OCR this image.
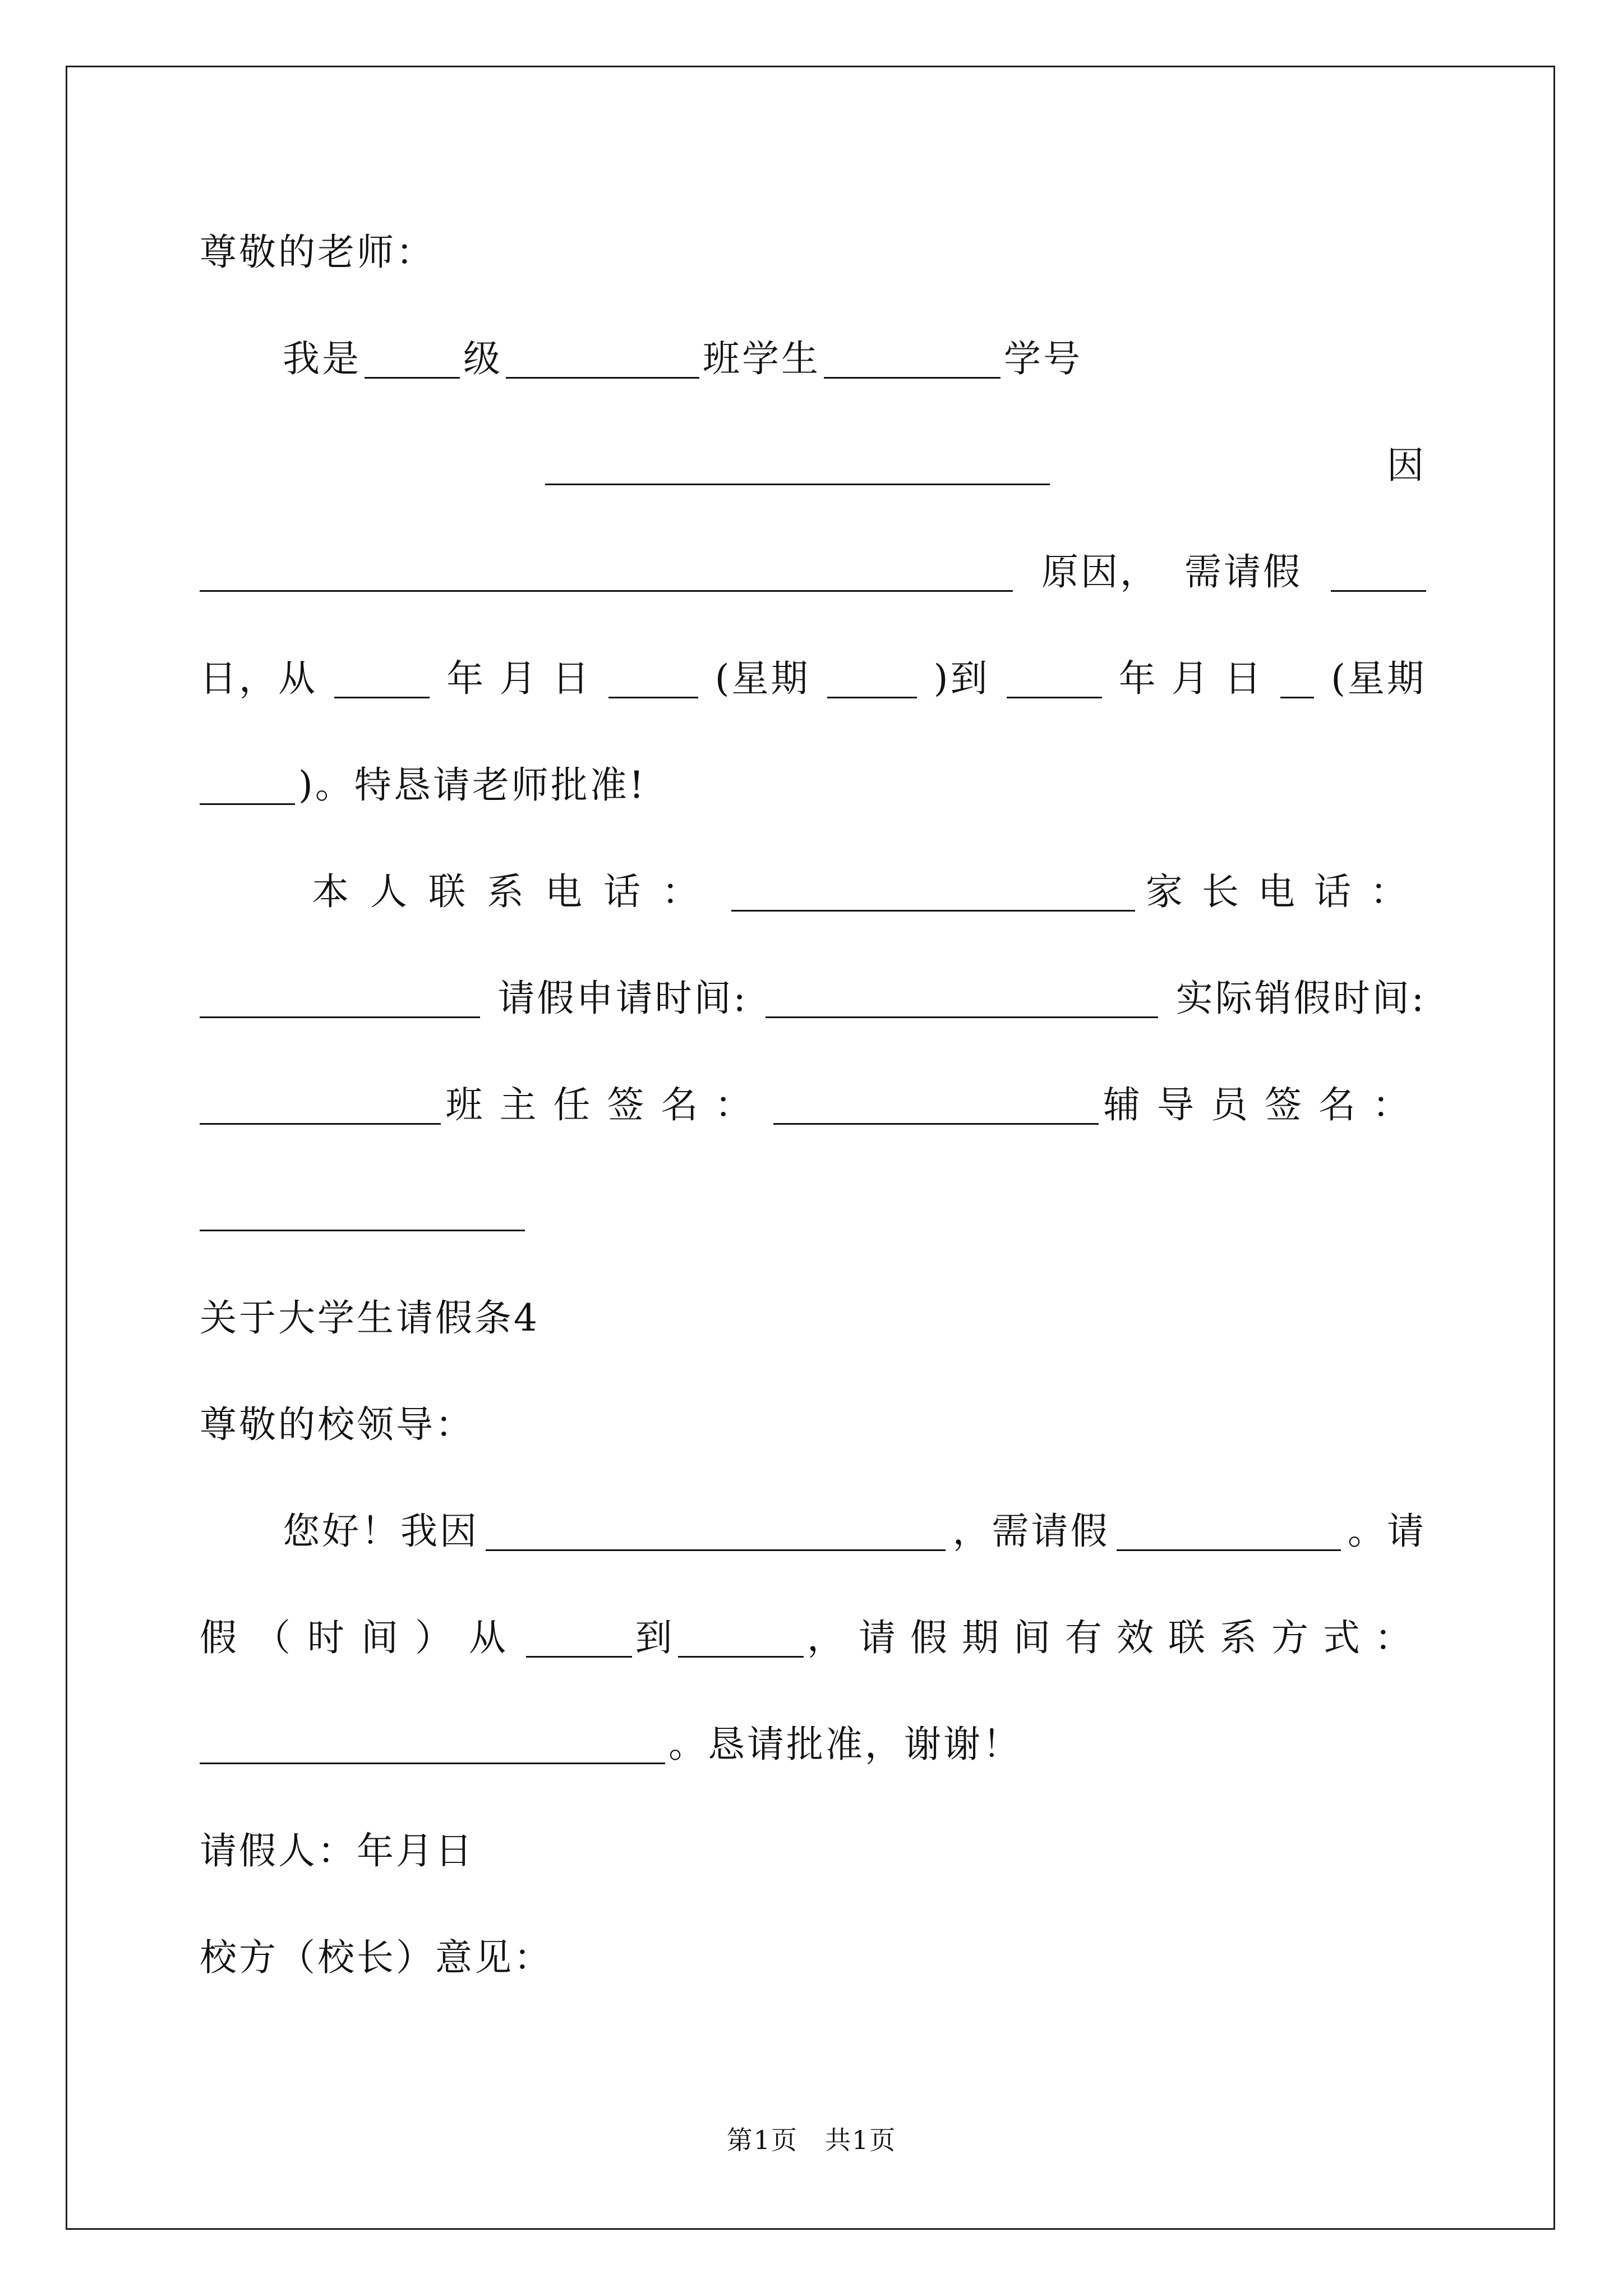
尊敬的老师：
我是	级	班学生	学号
因
原因， 需请假
日，从	年 月 日	(星期	)到	年 月 日 (星期
)。特恳请老师批准!
本人联系电话：	家长电话：
请假申请时间:	实际销假时间:
班主任签名：	辅导员签名：
关于大学生请假条4
尊敬的校领导：
您好！我因	，需请假	。请
假（时间）从	到	，请假期间有效联系方式：
。恳请批准，谢谢！
请假人：年月日
校方（校长）意见：
第1页　共1页
